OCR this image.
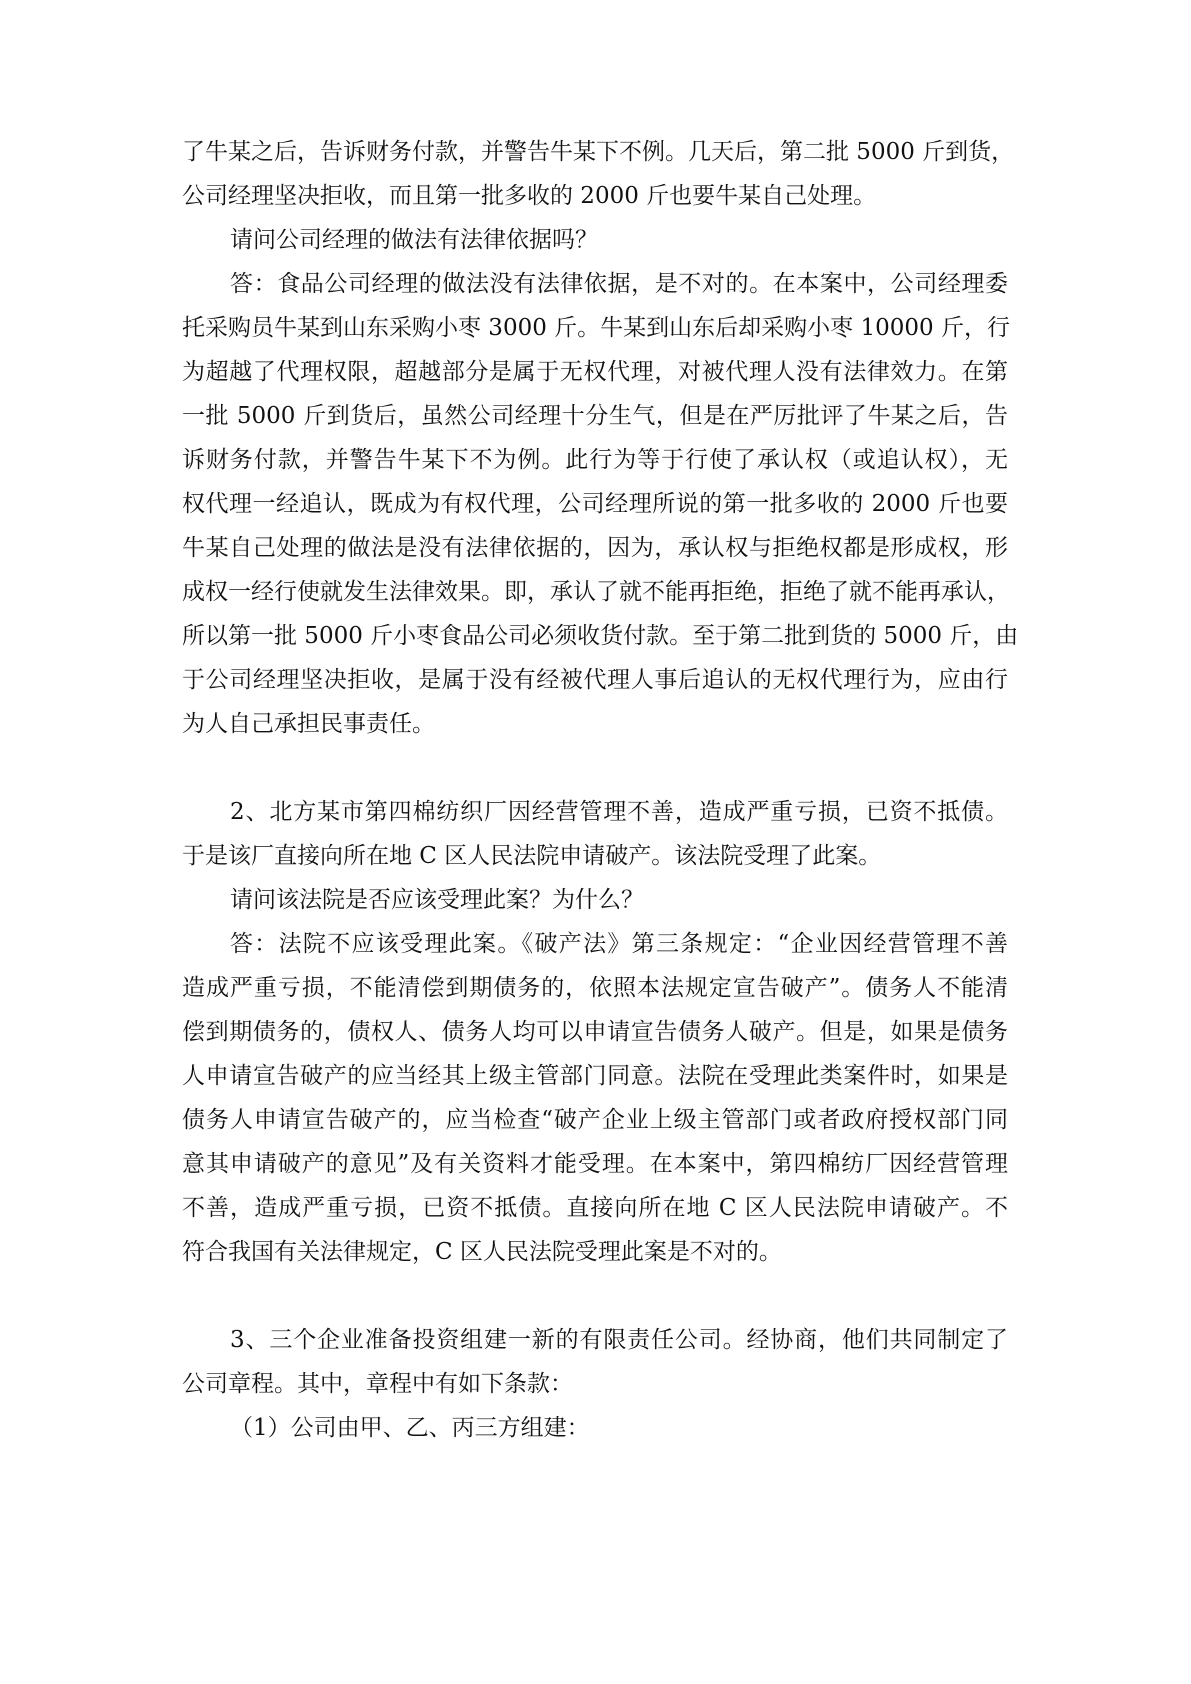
了牛某之后，告诉财务付款，并警告牛某下不例。几天后，第二批 5000 斤到货，
公司经理坚决拒收，而且第一批多收的 2000 斤也要牛某自己处理。
请问公司经理的做法有法律依据吗？
答：食品公司经理的做法没有法律依据，是不对的。在本案中，公司经理委
托采购员牛某到山东采购小枣 3000 斤。牛某到山东后却采购小枣 10000 斤，行
为超越了代理权限，超越部分是属于无权代理，对被代理人没有法律效力。在第
一批 5000 斤到货后，虽然公司经理十分生气，但是在严厉批评了牛某之后，告
诉财务付款，并警告牛某下不为例。此行为等于行使了承认权（或追认权），无
权代理一经追认，既成为有权代理，公司经理所说的第一批多收的 2000 斤也要
牛某自己处理的做法是没有法律依据的，因为，承认权与拒绝权都是形成权，形
成权一经行使就发生法律效果。即，承认了就不能再拒绝，拒绝了就不能再承认，
所以第一批 5000 斤小枣食品公司必须收货付款。至于第二批到货的 5000 斤，由
于公司经理坚决拒收，是属于没有经被代理人事后追认的无权代理行为，应由行
为人自己承担民事责任。
2、北方某市第四棉纺织厂因经营管理不善，造成严重亏损，已资不抵债。
于是该厂直接向所在地 C 区人民法院申请破产。该法院受理了此案。
请问该法院是否应该受理此案？为什么？
答：法院不应该受理此案。《破产法》第三条规定：“企业因经营管理不善
造成严重亏损，不能清偿到期债务的，依照本法规定宣告破产”。债务人不能清
偿到期债务的，债权人、债务人均可以申请宣告债务人破产。但是，如果是债务
人申请宣告破产的应当经其上级主管部门同意。法院在受理此类案件时，如果是
债务人申请宣告破产的，应当检查“破产企业上级主管部门或者政府授权部门同
意其申请破产的意见”及有关资料才能受理。在本案中，第四棉纺厂因经营管理
不善，造成严重亏损，已资不抵债。直接向所在地 C 区人民法院申请破产。不
符合我国有关法律规定，C 区人民法院受理此案是不对的。
3、三个企业准备投资组建一新的有限责任公司。经协商，他们共同制定了
公司章程。其中，章程中有如下条款：
（1）公司由甲、乙、丙三方组建：
